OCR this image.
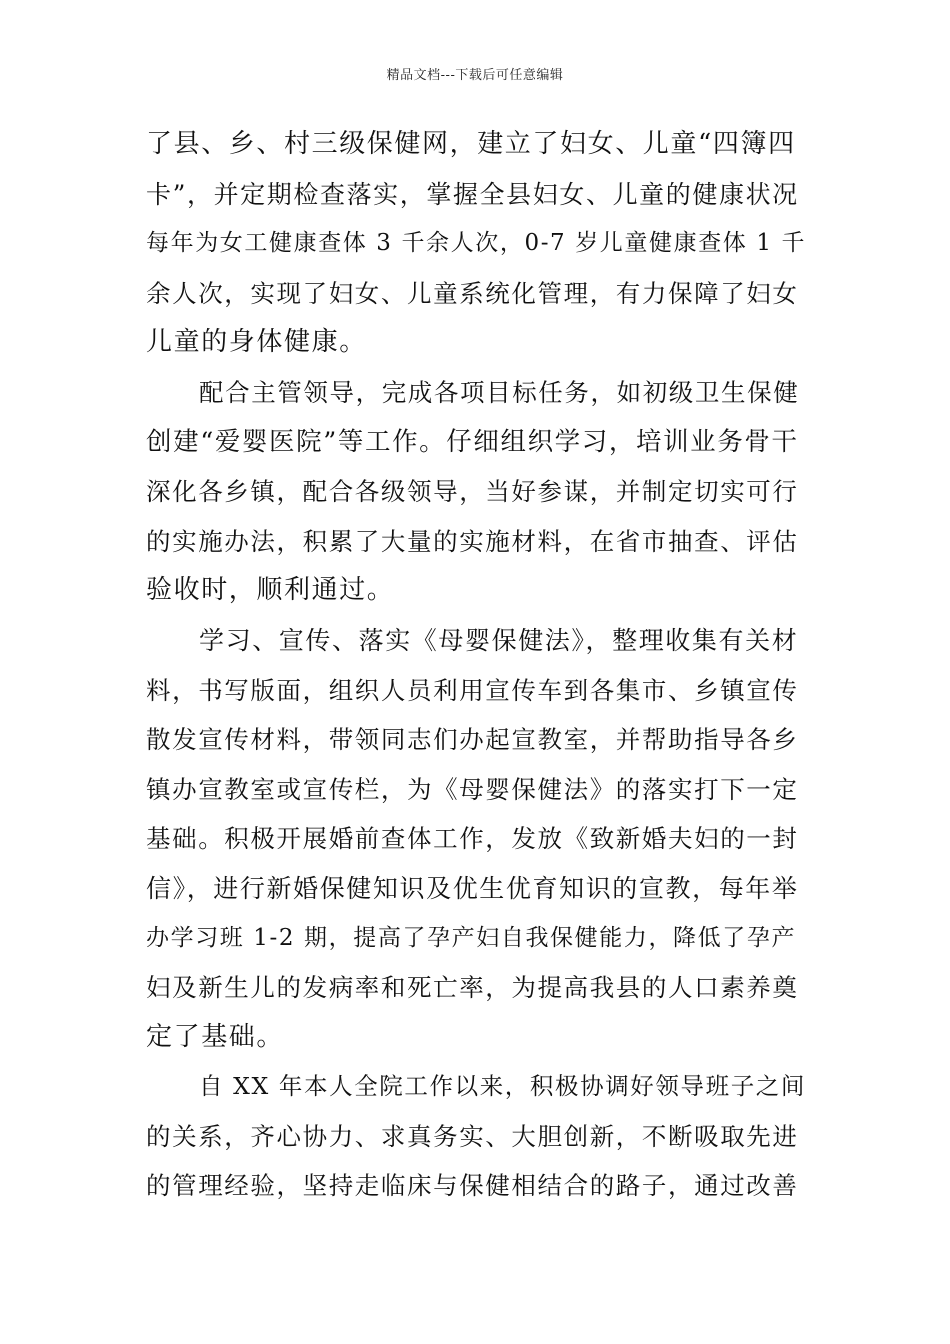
精品文档---下载后可任意编辑
了县、乡、村三级保健网，建立了妇女、儿童“四簿四
卡”，并定期检查落实，掌握全县妇女、儿童的健康状况
每年为女工健康查体 3 千余人次，0-7 岁儿童健康查体 1 千
余人次，实现了妇女、儿童系统化管理，有力保障了妇女
儿童的身体健康。
配合主管领导，完成各项目标任务，如初级卫生保健
创建“爱婴医院”等工作。仔细组织学习，培训业务骨干
深化各乡镇，配合各级领导，当好参谋，并制定切实可行
的实施办法，积累了大量的实施材料，在省市抽查、评估
验收时，顺利通过。
学习、宣传、落实《母婴保健法》，整理收集有关材
料，书写版面，组织人员利用宣传车到各集市、乡镇宣传
散发宣传材料，带领同志们办起宣教室，并帮助指导各乡
镇办宣教室或宣传栏，为《母婴保健法》的落实打下一定
基础。积极开展婚前查体工作，发放《致新婚夫妇的一封
信》，进行新婚保健知识及优生优育知识的宣教，每年举
办学习班 1-2 期，提高了孕产妇自我保健能力，降低了孕产
妇及新生儿的发病率和死亡率，为提高我县的人口素养奠
定了基础。
自 XX 年本人全院工作以来，积极协调好领导班子之间
的关系，齐心协力、求真务实、大胆创新，不断吸取先进
的管理经验，坚持走临床与保健相结合的路子，通过改善
